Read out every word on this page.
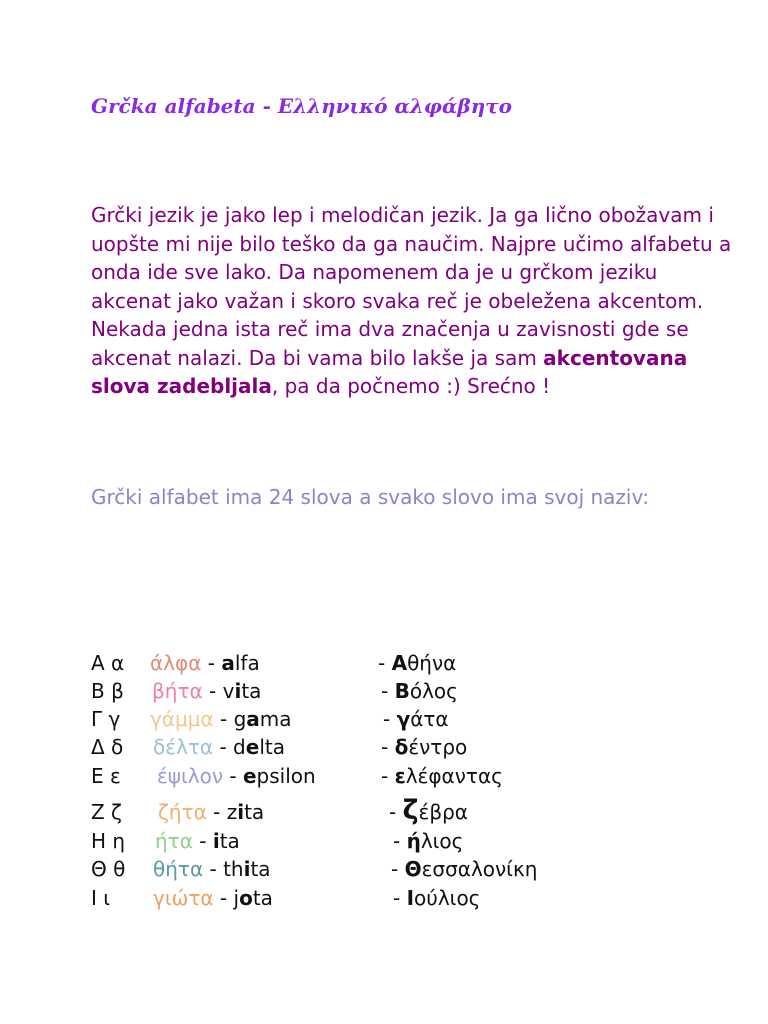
Grčka alfabeta - Ελληνικό αλφάβητο
Grčki jezik je jako lep i melodičan jezik. Ja ga lično obožavam i uopšte mi nije bilo teško da ga naučim. Najpre učimo alfabetu a onda ide sve lako. Da napomenem da je u grčkom jeziku akcenat jako važan i skoro svaka reč je obeležena akcentom. Nekada jedna ista reč ima dva značenja u zavisnosti gde se akcenat nalazi. Da bi vama bilo lakše ja sam akcentovana slova zadebljala, pa da počnemo :) Srećno !
Grčki alfabet ima 24 slova a svako slovo ima svoj naziv:
Α α άλφα - alfa	- Αθήνα
Β β βήτα - vita	- Βόλος
Γ γ γάμμα - gama	- γάτα
Δ δ δέλτα - delta	- δέντρο
Ε ε έψιλον - epsilon	- ελέφαντας
Ζ ζ ζήτα - zita	- ζέβρα
Η η ήτα - ita	- ήλιος
Θ θ θήτα - thita	- Θεσσαλονίκη
Ι ι γιώτα - jota	- Ιούλιος
